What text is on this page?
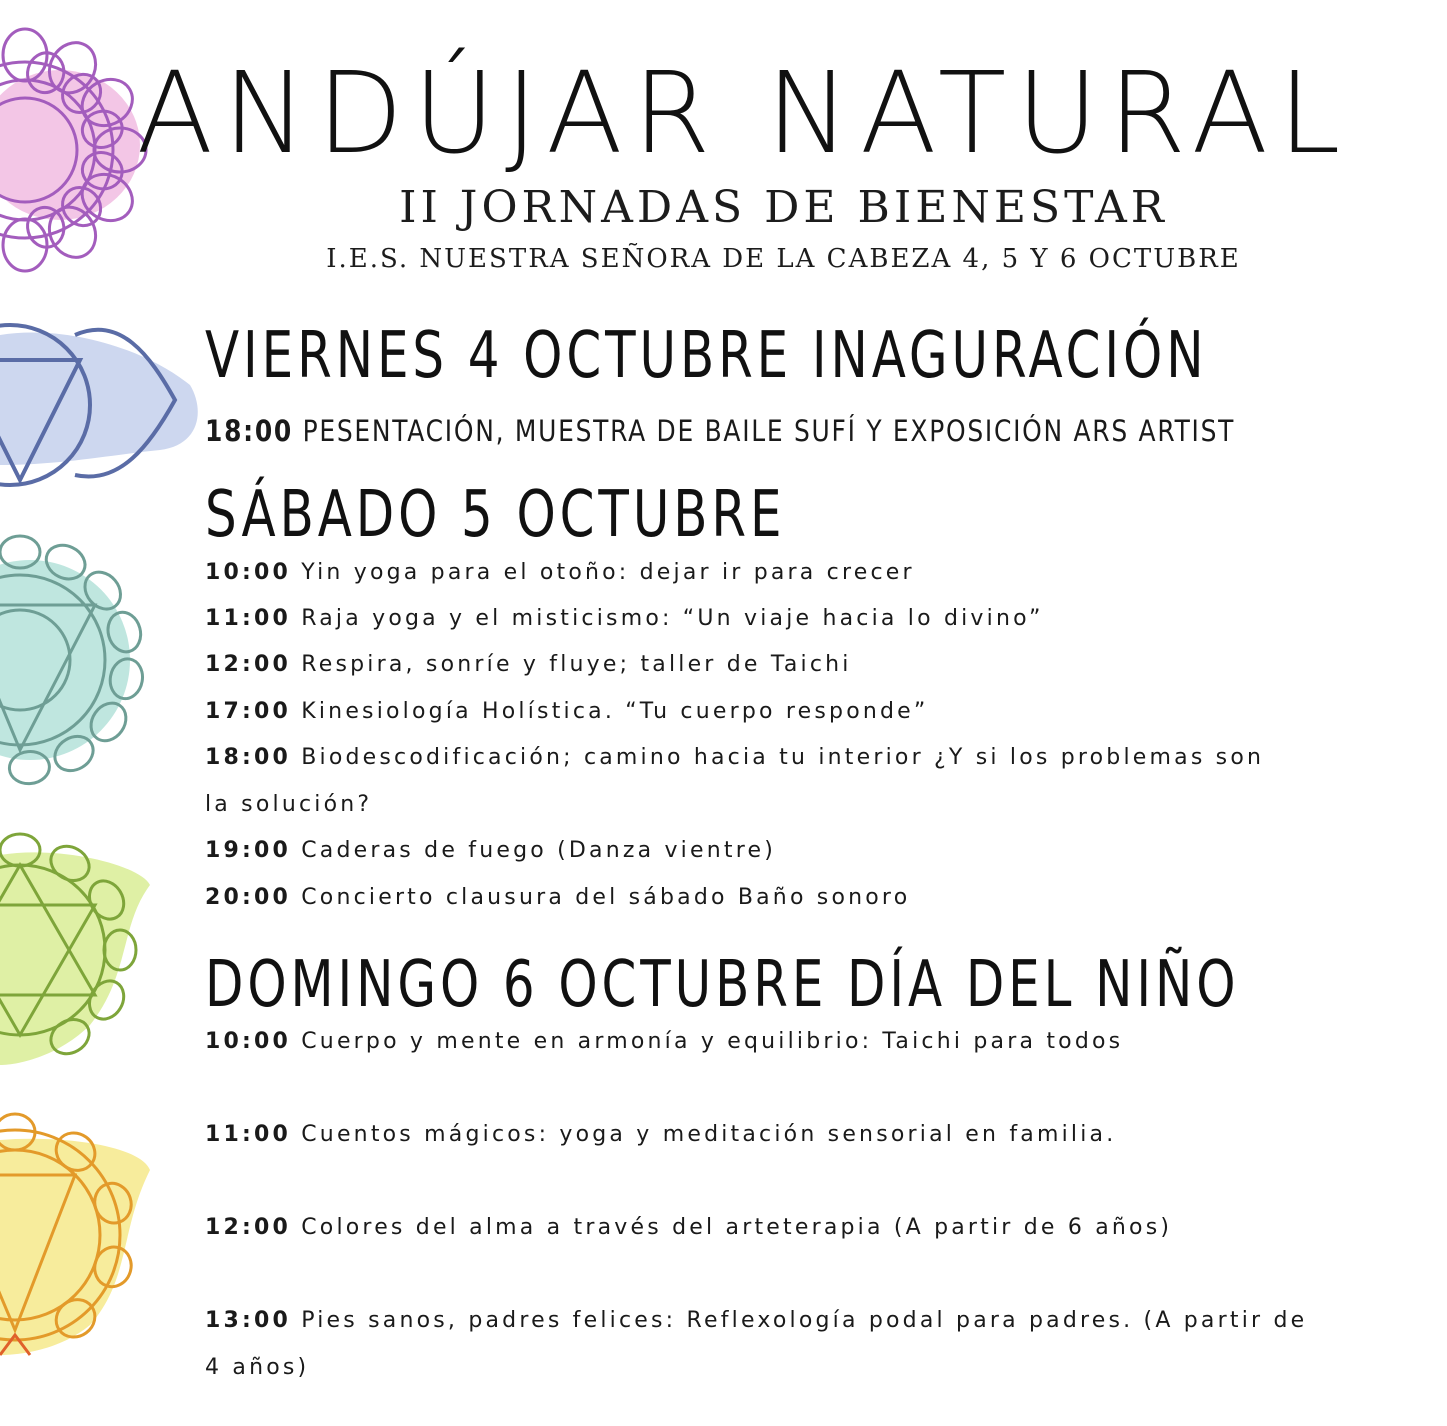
ANDÚJAR NATURAL
II JORNADAS DE BIENESTAR
I.E.S. NUESTRA SEÑORA DE LA CABEZA 4, 5 Y 6 OCTUBRE
VIERNES 4 OCTUBRE INAGURACIÓN
18:00 PESENTACIÓN, MUESTRA DE BAILE SUFÍ Y EXPOSICIÓN ARS ARTIST
SÁBADO 5 OCTUBRE
10:00 Yin yoga para el otoño: dejar ir para crecer
11:00 Raja yoga y el misticismo: “Un viaje hacia lo divino”
12:00 Respira, sonríe y fluye; taller de Taichi
17:00 Kinesiología Holística. “Tu cuerpo responde”
18:00 Biodescodificación; camino hacia tu interior ¿Y si los problemas son
la solución?
19:00 Caderas de fuego (Danza vientre)
20:00 Concierto clausura del sábado Baño sonoro
DOMINGO 6 OCTUBRE DÍA DEL NIÑO
10:00 Cuerpo y mente en armonía y equilibrio: Taichi para todos
11:00 Cuentos mágicos: yoga y meditación sensorial en familia.
12:00 Colores del alma a través del arteterapia (A partir de 6 años)
13:00 Pies sanos, padres felices: Reflexología podal para padres. (A partir de
4 años)
